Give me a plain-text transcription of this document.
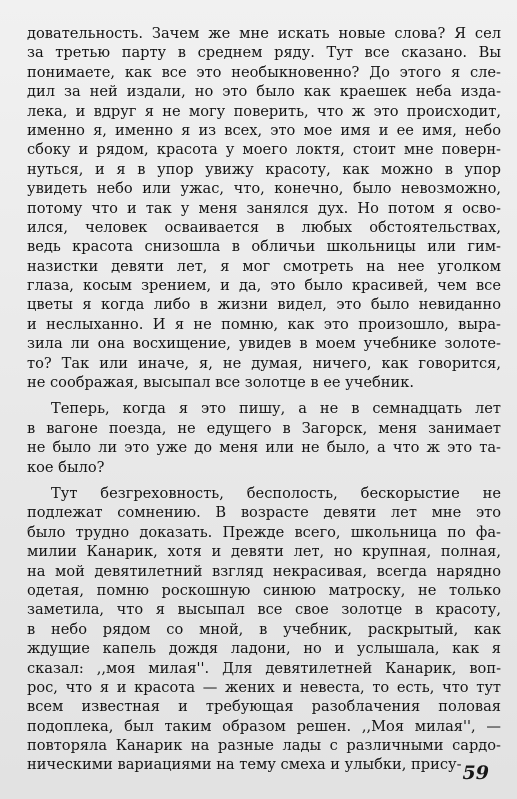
довательность. Зачем же мне искать новые слова? Я сел
за третью парту в среднем ряду. Тут все сказано. Вы
понимаете, как все это необыкновенно? До этого я сле-
дил за ней издали, но это было как краешек неба изда-
лека, и вдруг я не могу поверить, что ж это происходит,
именно я, именно я из всех, это мое имя и ее имя, небо
сбоку и рядом, красота у моего локтя, стоит мне поверн-
нуться, и я в упор увижу красоту, как можно в упор
увидеть небо или ужас, что, конечно, было невозможно,
потому что и так у меня занялся дух. Но потом я осво-
ился, человек осваивается в любых обстоятельствах,
ведь красота снизошла в обличьи школьницы или гим-
назистки девяти лет, я мог смотреть на нее уголком
глаза, косым зрением, и да, это было красивей, чем все
цветы я когда либо в жизни видел, это было невиданно
и неслыханно. И я не помню, как это произошло, выра-
зила ли она восхищение, увидев в моем учебнике золоте-
то? Так или иначе, я, не думая, ничего, как говорится,
не соображая, высыпал все золотце в ее учебник.
Теперь, когда я это пишу, а не в семнадцать лет
в вагоне поезда, не едущего в Загорск, меня занимает
не было ли это уже до меня или не было, а что ж это та-
кое было?
Тут безгреховность, бесполость, бескорыстие не
подлежат сомнению. В возрасте девяти лет мне это
было трудно доказать. Прежде всего, школьница по фа-
милии Канарик, хотя и девяти лет, но крупная, полная,
на мой девятилетний взгляд некрасивая, всегда нарядно
одетая, помню роскошную синюю матроску, не только
заметила, что я высыпал все свое золотце в красоту,
в небо рядом со мной, в учебник, раскрытый, как
ждущие капель дождя ладони, но и услышала, как я
сказал: ,,моя милая''. Для девятилетней Канарик, воп-
рос, что я и красота — жених и невеста, то есть, что тут
всем известная и требующая разоблачения половая
подоплека, был таким образом решен. ,,Моя милая'', —
повторяла Канарик на разные лады с различными сардо-
ническими вариациями на тему смеха и улыбки, прису- 59
